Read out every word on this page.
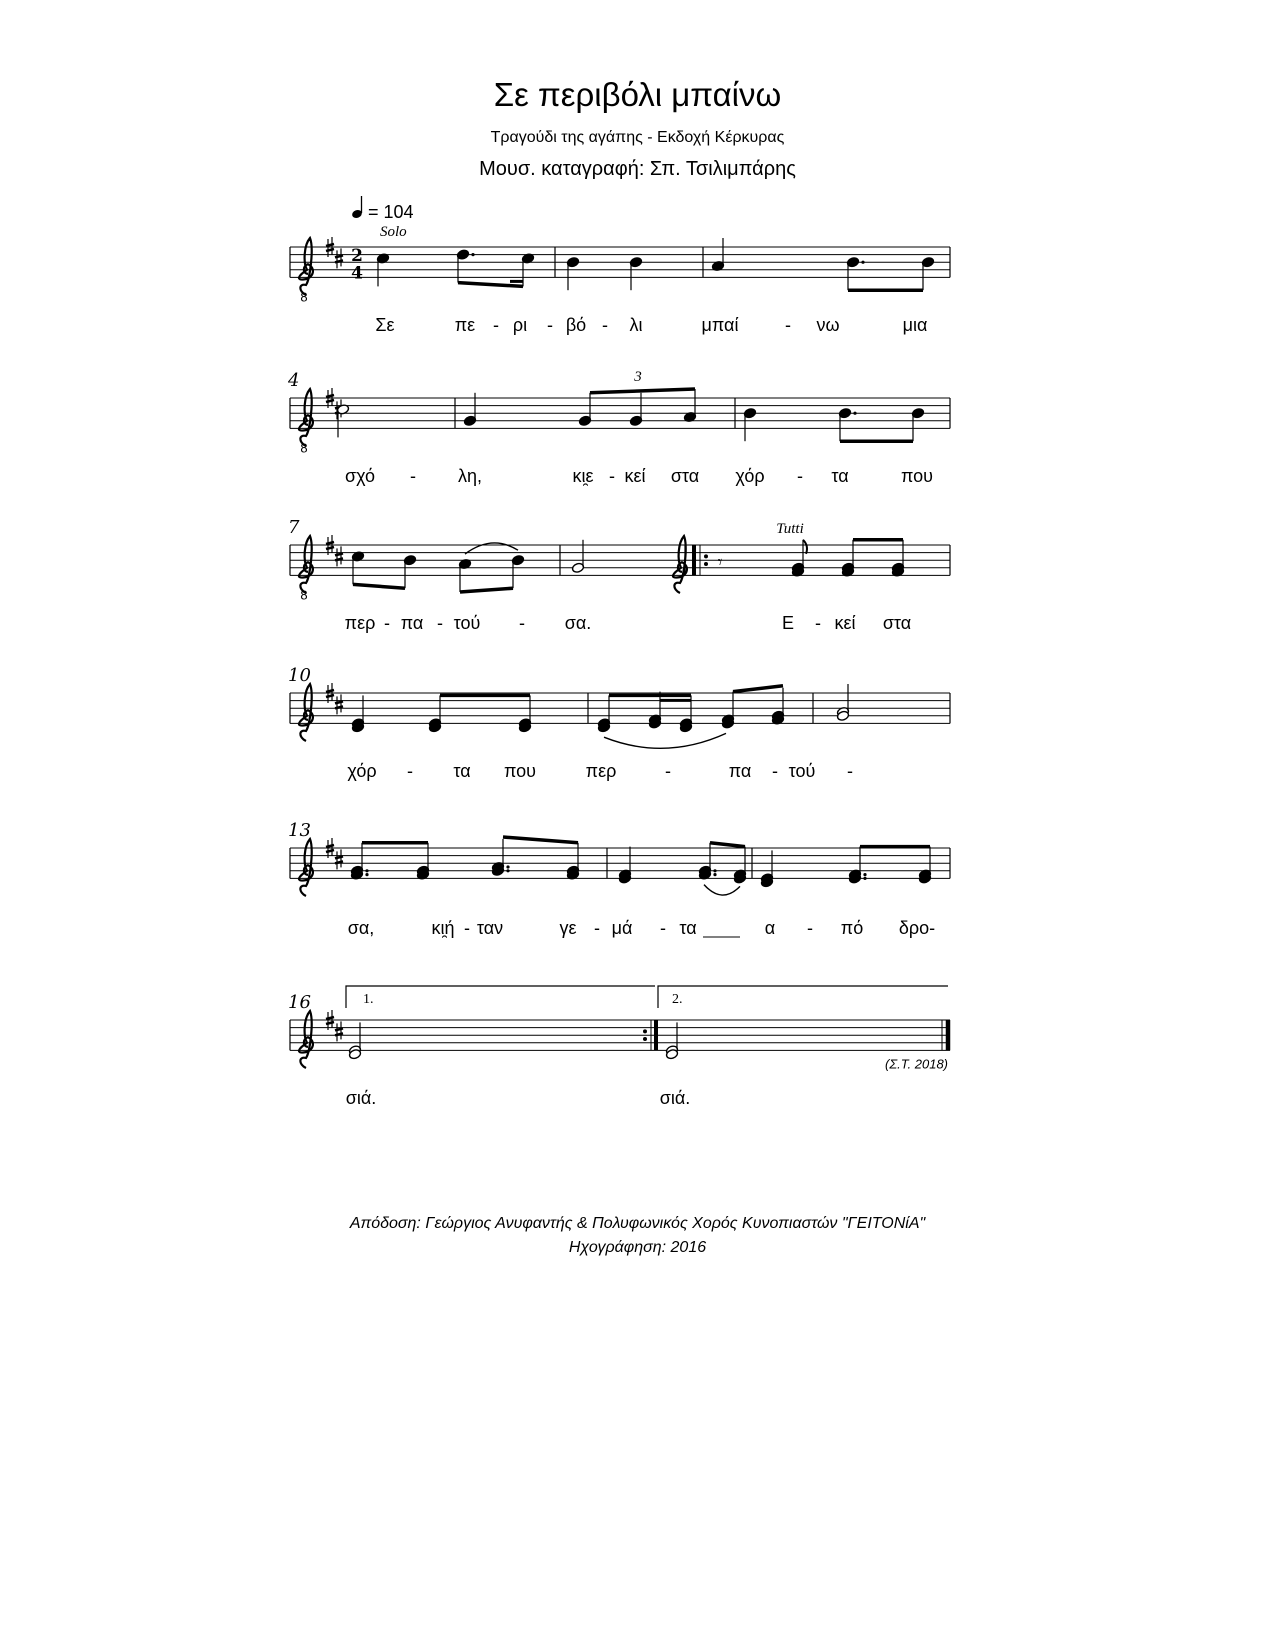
Σε περιβόλι μπαίνω
Τραγούδι της αγάπης - Εκδοχή Κέρκυρας
Μουσ. καταγραφή: Σπ. Τσιλιμπάρης
8
8
4
8
7
10
13
16
2
4
= 104
Solo
3
𝄾
Tutti
1.	2.
(Σ.Τ. 2018)
Σε	πε - ρι - βό - λι	μπαί	- νω	μια
σχό - λη,	κι̯ε - κεί στα χόρ - τα	που
περ - πα - τού - σα.	Ε - κεί στα
χόρ - τα που	περ	-	πα - τού -
σα,	κι̯ή - ταν	γε - μά - τα	α - πό δρο-
σιά.	σιά.
Απόδοση: Γεώργιος Ανυφαντής & Πολυφωνικός Χορός Κυνοπιαστών "ΓΕΙΤΟΝίΑ"
Ηχογράφηση: 2016
